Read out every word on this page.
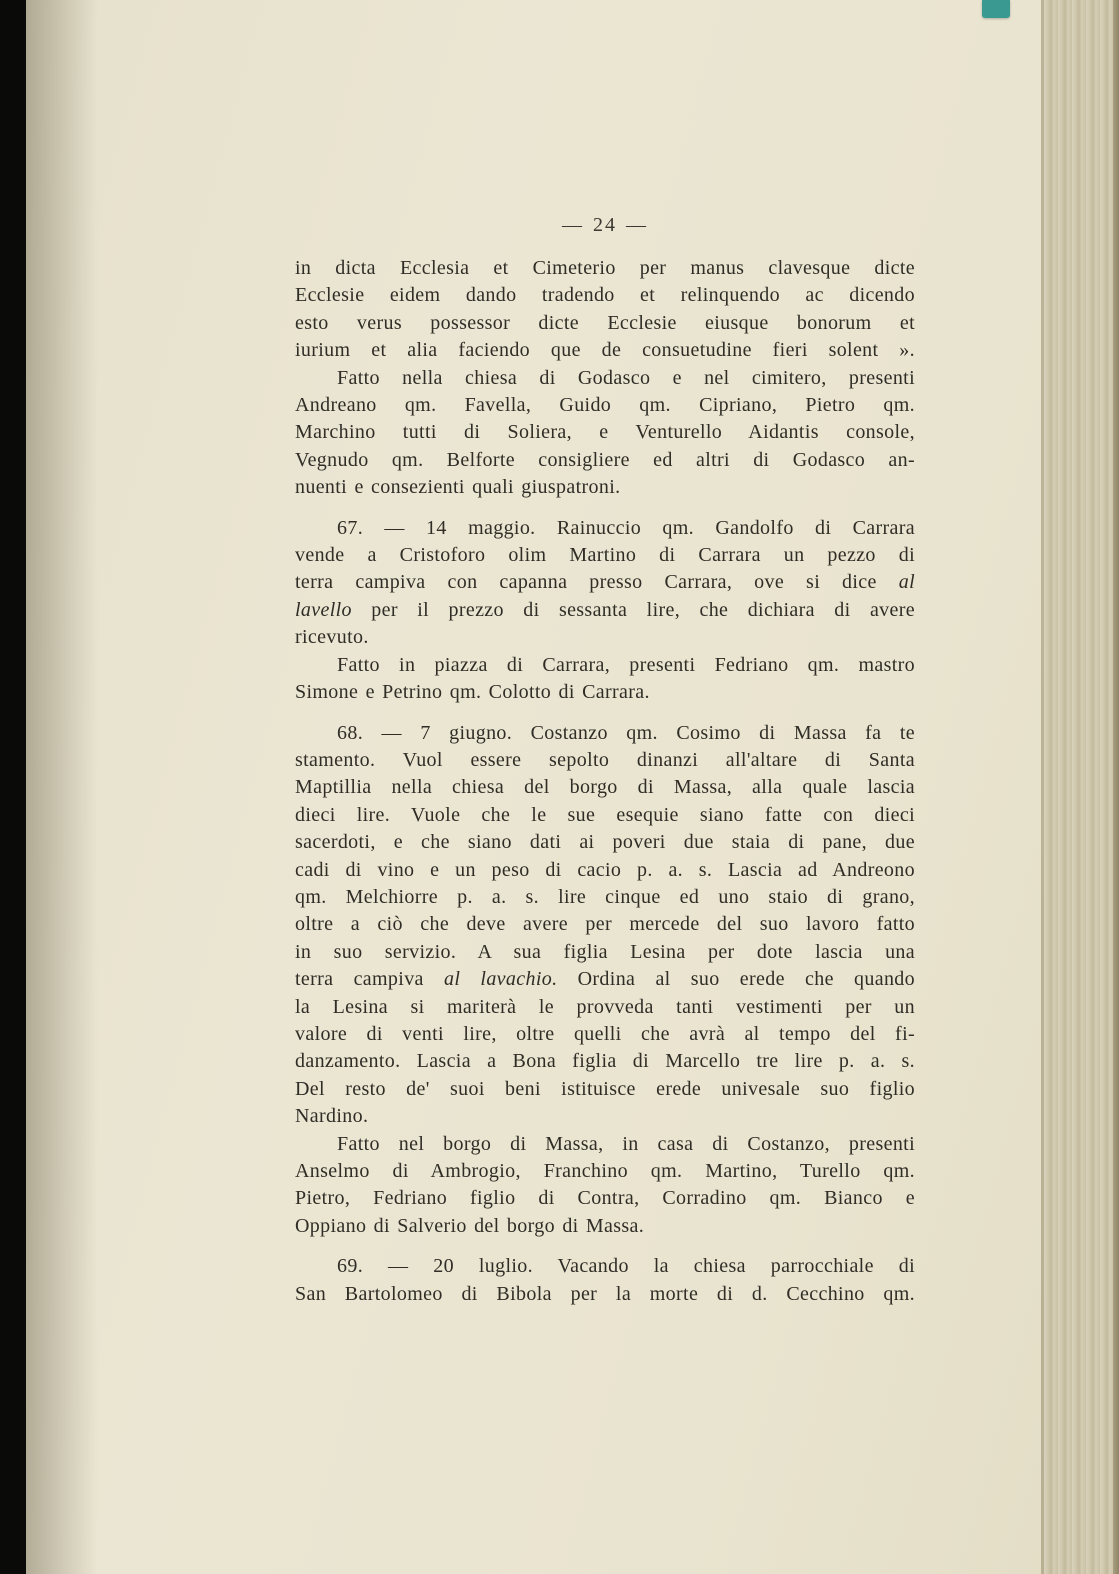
— 24 —
in dicta Ecclesia et Cimeterio per manus clavesque dicte
Ecclesie eidem dando tradendo et relinquendo ac dicendo
esto verus possessor dicte Ecclesie eiusque bonorum et
iurium et alia faciendo que de consuetudine fieri solent ».
Fatto nella chiesa di Godasco e nel cimitero, presenti
Andreano qm. Favella, Guido qm. Cipriano, Pietro qm.
Marchino tutti di Soliera, e Venturello Aidantis console,
Vegnudo qm. Belforte consigliere ed altri di Godasco an-
nuenti e consezienti quali giuspatroni.
67. — 14 maggio. Rainuccio qm. Gandolfo di Carrara
vende a Cristoforo olim Martino di Carrara un pezzo di
terra campiva con capanna presso Carrara, ove si dice al
lavello per il prezzo di sessanta lire, che dichiara di avere
ricevuto.
Fatto in piazza di Carrara, presenti Fedriano qm. mastro
Simone e Petrino qm. Colotto di Carrara.
68. — 7 giugno. Costanzo qm. Cosimo di Massa fa te
stamento. Vuol essere sepolto dinanzi all'altare di Santa
Maptillia nella chiesa del borgo di Massa, alla quale lascia
dieci lire. Vuole che le sue esequie siano fatte con dieci
sacerdoti, e che siano dati ai poveri due staia di pane, due
cadi di vino e un peso di cacio p. a. s. Lascia ad Andreono
qm. Melchiorre p. a. s. lire cinque ed uno staio di grano,
oltre a ciò che deve avere per mercede del suo lavoro fatto
in suo servizio. A sua figlia Lesina per dote lascia una
terra campiva al lavachio. Ordina al suo erede che quando
la Lesina si mariterà le provveda tanti vestimenti per un
valore di venti lire, oltre quelli che avrà al tempo del fi-
danzamento. Lascia a Bona figlia di Marcello tre lire p. a. s.
Del resto de' suoi beni istituisce erede univesale suo figlio
Nardino.
Fatto nel borgo di Massa, in casa di Costanzo, presenti
Anselmo di Ambrogio, Franchino qm. Martino, Turello qm.
Pietro, Fedriano figlio di Contra, Corradino qm. Bianco e
Oppiano di Salverio del borgo di Massa.
69. — 20 luglio. Vacando la chiesa parrocchiale di
San Bartolomeo di Bibola per la morte di d. Cecchino qm.
